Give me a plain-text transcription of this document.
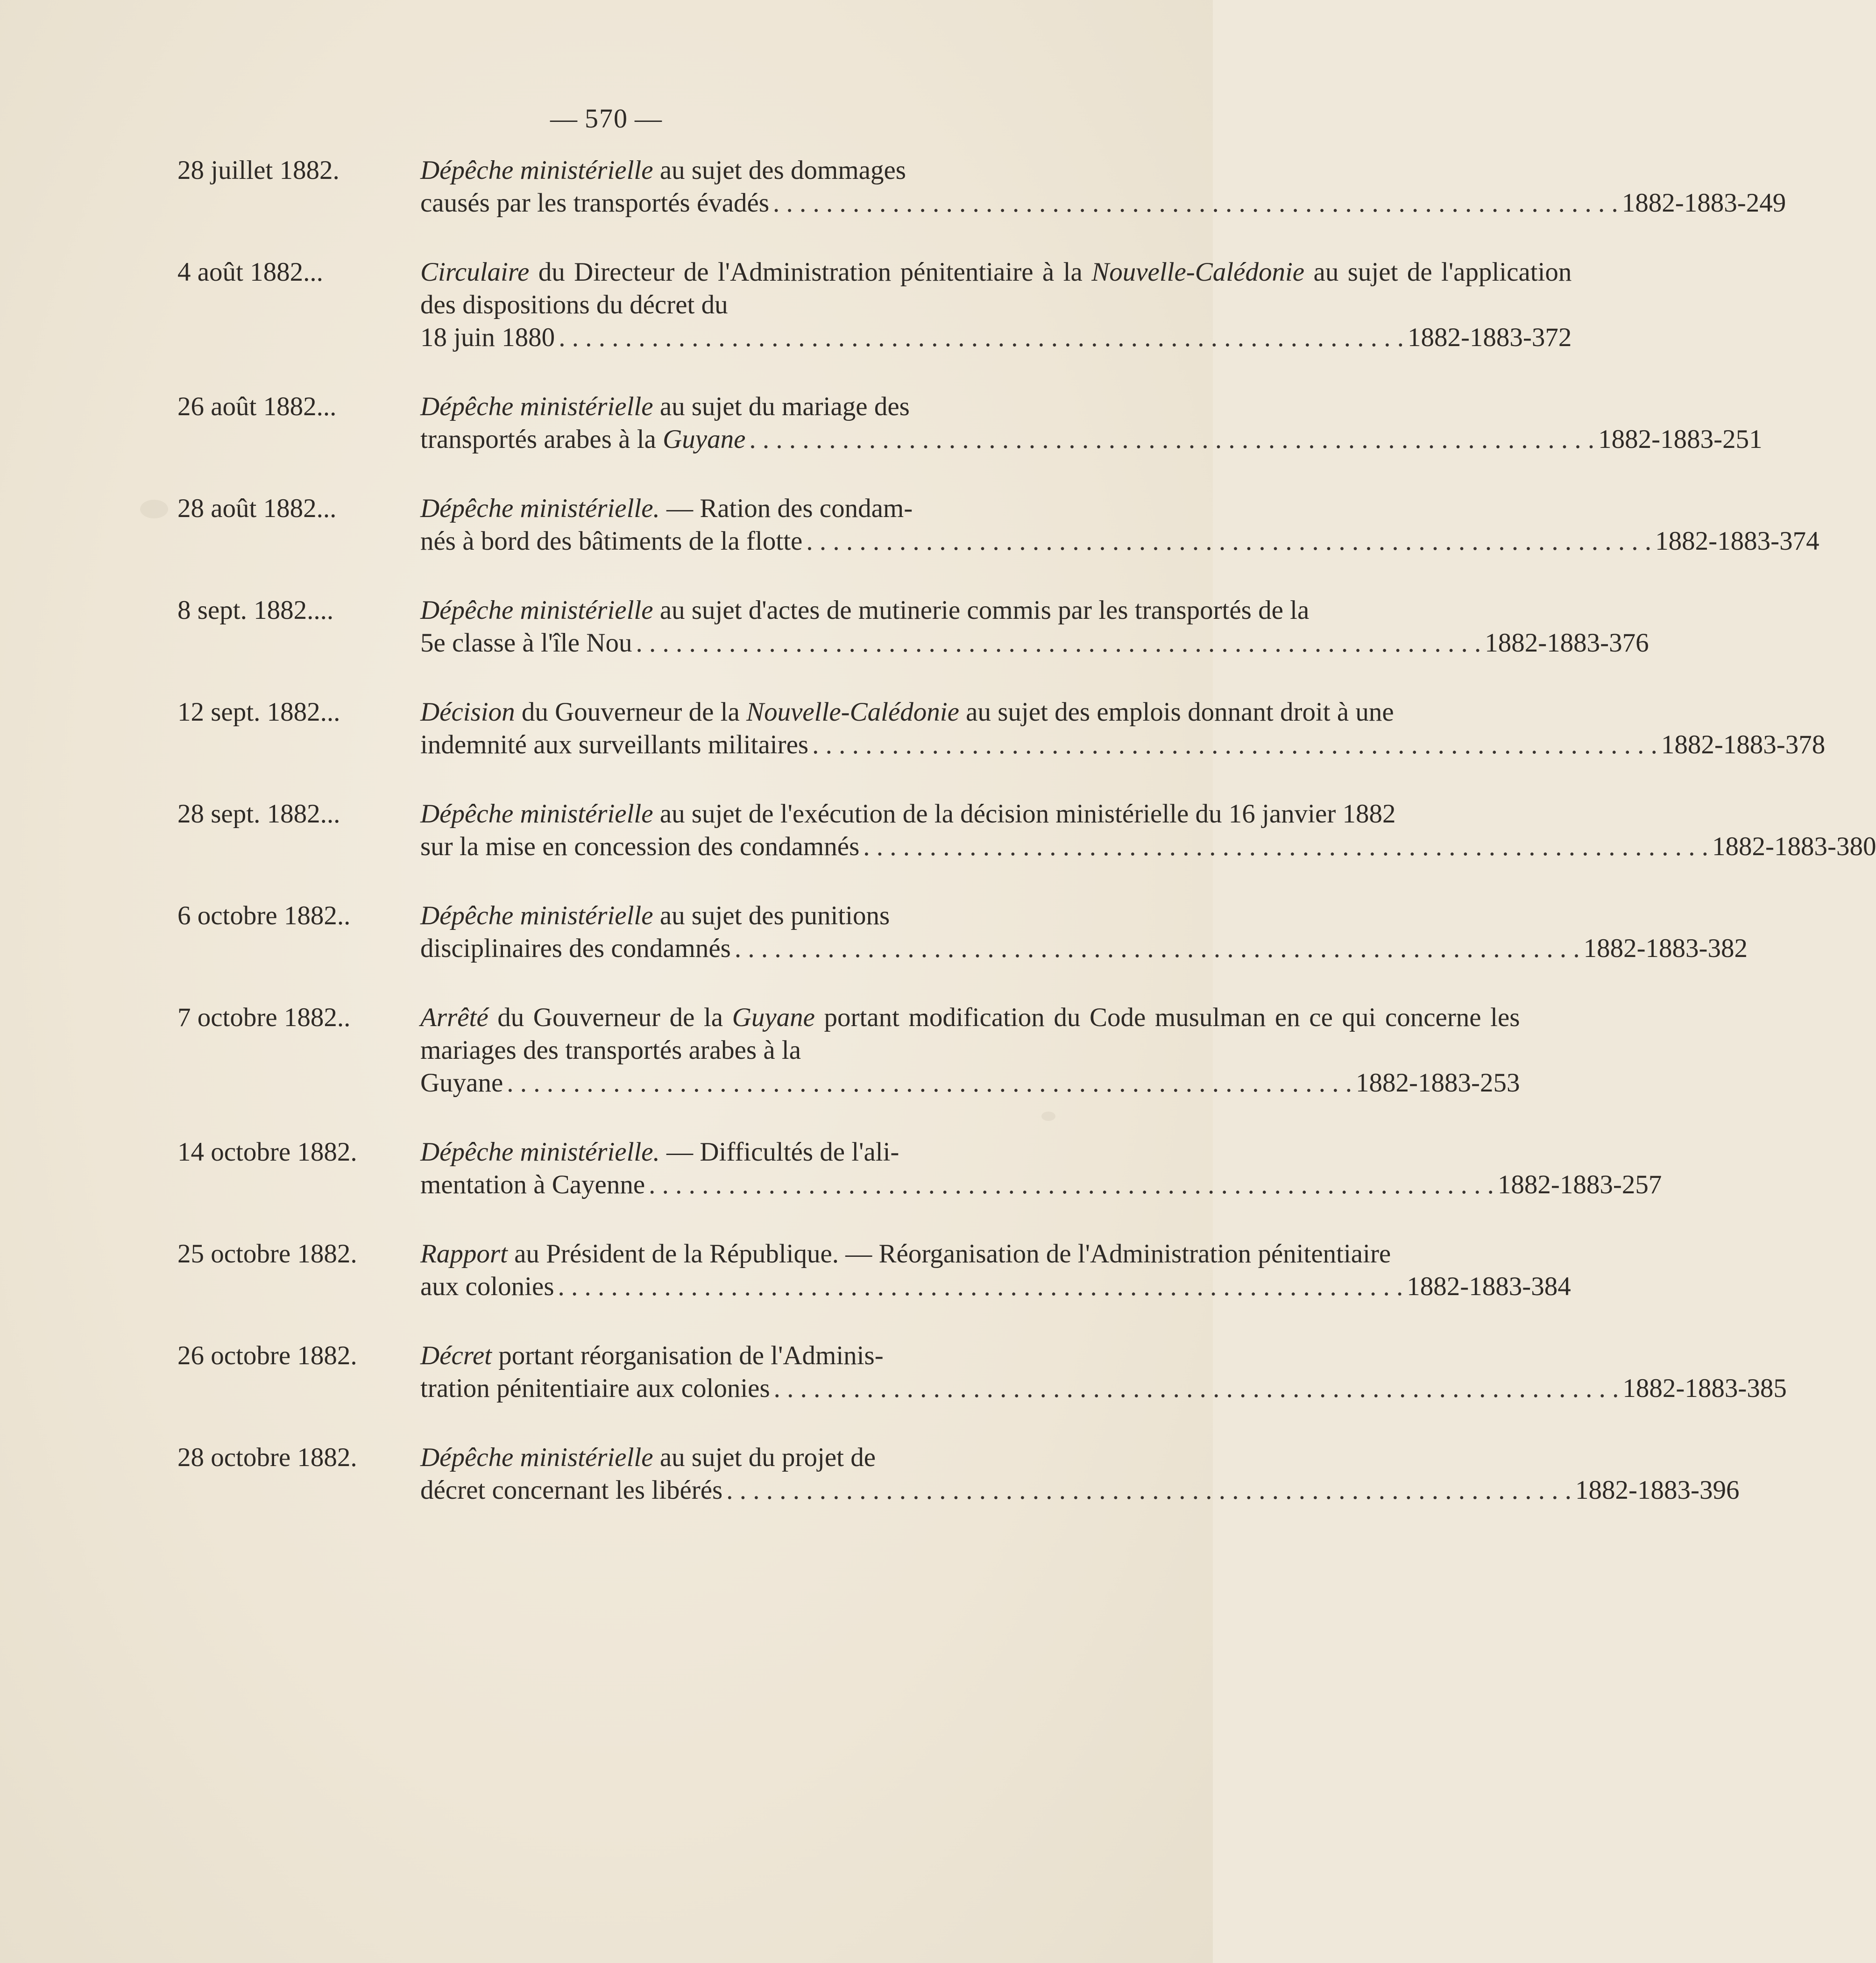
— 570 —
28 juillet 1882.	Dépêche ministérielle au sujet des dommages
causés par les transportés évadés . . .	1882-1883-249
4 août 1882...	Circulaire du Directeur de l'Administration pénitentiaire à la Nouvelle-Calédonie au sujet de l'application des dispositions du décret du
18 juin 1880 . . .	1882-1883-372
26 août 1882...	Dépêche ministérielle au sujet du mariage des
transportés arabes à la Guyane . . .	1882-1883-251
28 août 1882...	Dépêche ministérielle. — Ration des condam-
nés à bord des bâtiments de la flotte . . .	1882-1883-374
8 sept. 1882....	Dépêche ministérielle au sujet d'actes de mutinerie commis par les transportés de la
5e classe à l'île Nou . . .	1882-1883-376
12 sept. 1882...	Décision du Gouverneur de la Nouvelle-Calédonie au sujet des emplois donnant droit à une
indemnité aux surveillants militaires . . .	1882-1883-378
28 sept. 1882...	Dépêche ministérielle au sujet de l'exécution de la décision ministérielle du 16 janvier 1882
sur la mise en concession des condamnés . . .	1882-1883-380
6 octobre 1882..	Dépêche ministérielle au sujet des punitions
disciplinaires des condamnés . . .	1882-1883-382
7 octobre 1882..	Arrêté du Gouverneur de la Guyane portant modification du Code musulman en ce qui concerne les mariages des transportés arabes à la
Guyane . . .	1882-1883-253
14 octobre 1882.	Dépêche ministérielle. — Difficultés de l'ali-
mentation à Cayenne . . .	1882-1883-257
25 octobre 1882.	Rapport au Président de la République. — Réorganisation de l'Administration pénitentiaire
aux colonies . . .	1882-1883-384
26 octobre 1882.	Décret portant réorganisation de l'Adminis-
tration pénitentiaire aux colonies . . .	1882-1883-385
28 octobre 1882.	Dépêche ministérielle au sujet du projet de
décret concernant les libérés . . .	1882-1883-396
